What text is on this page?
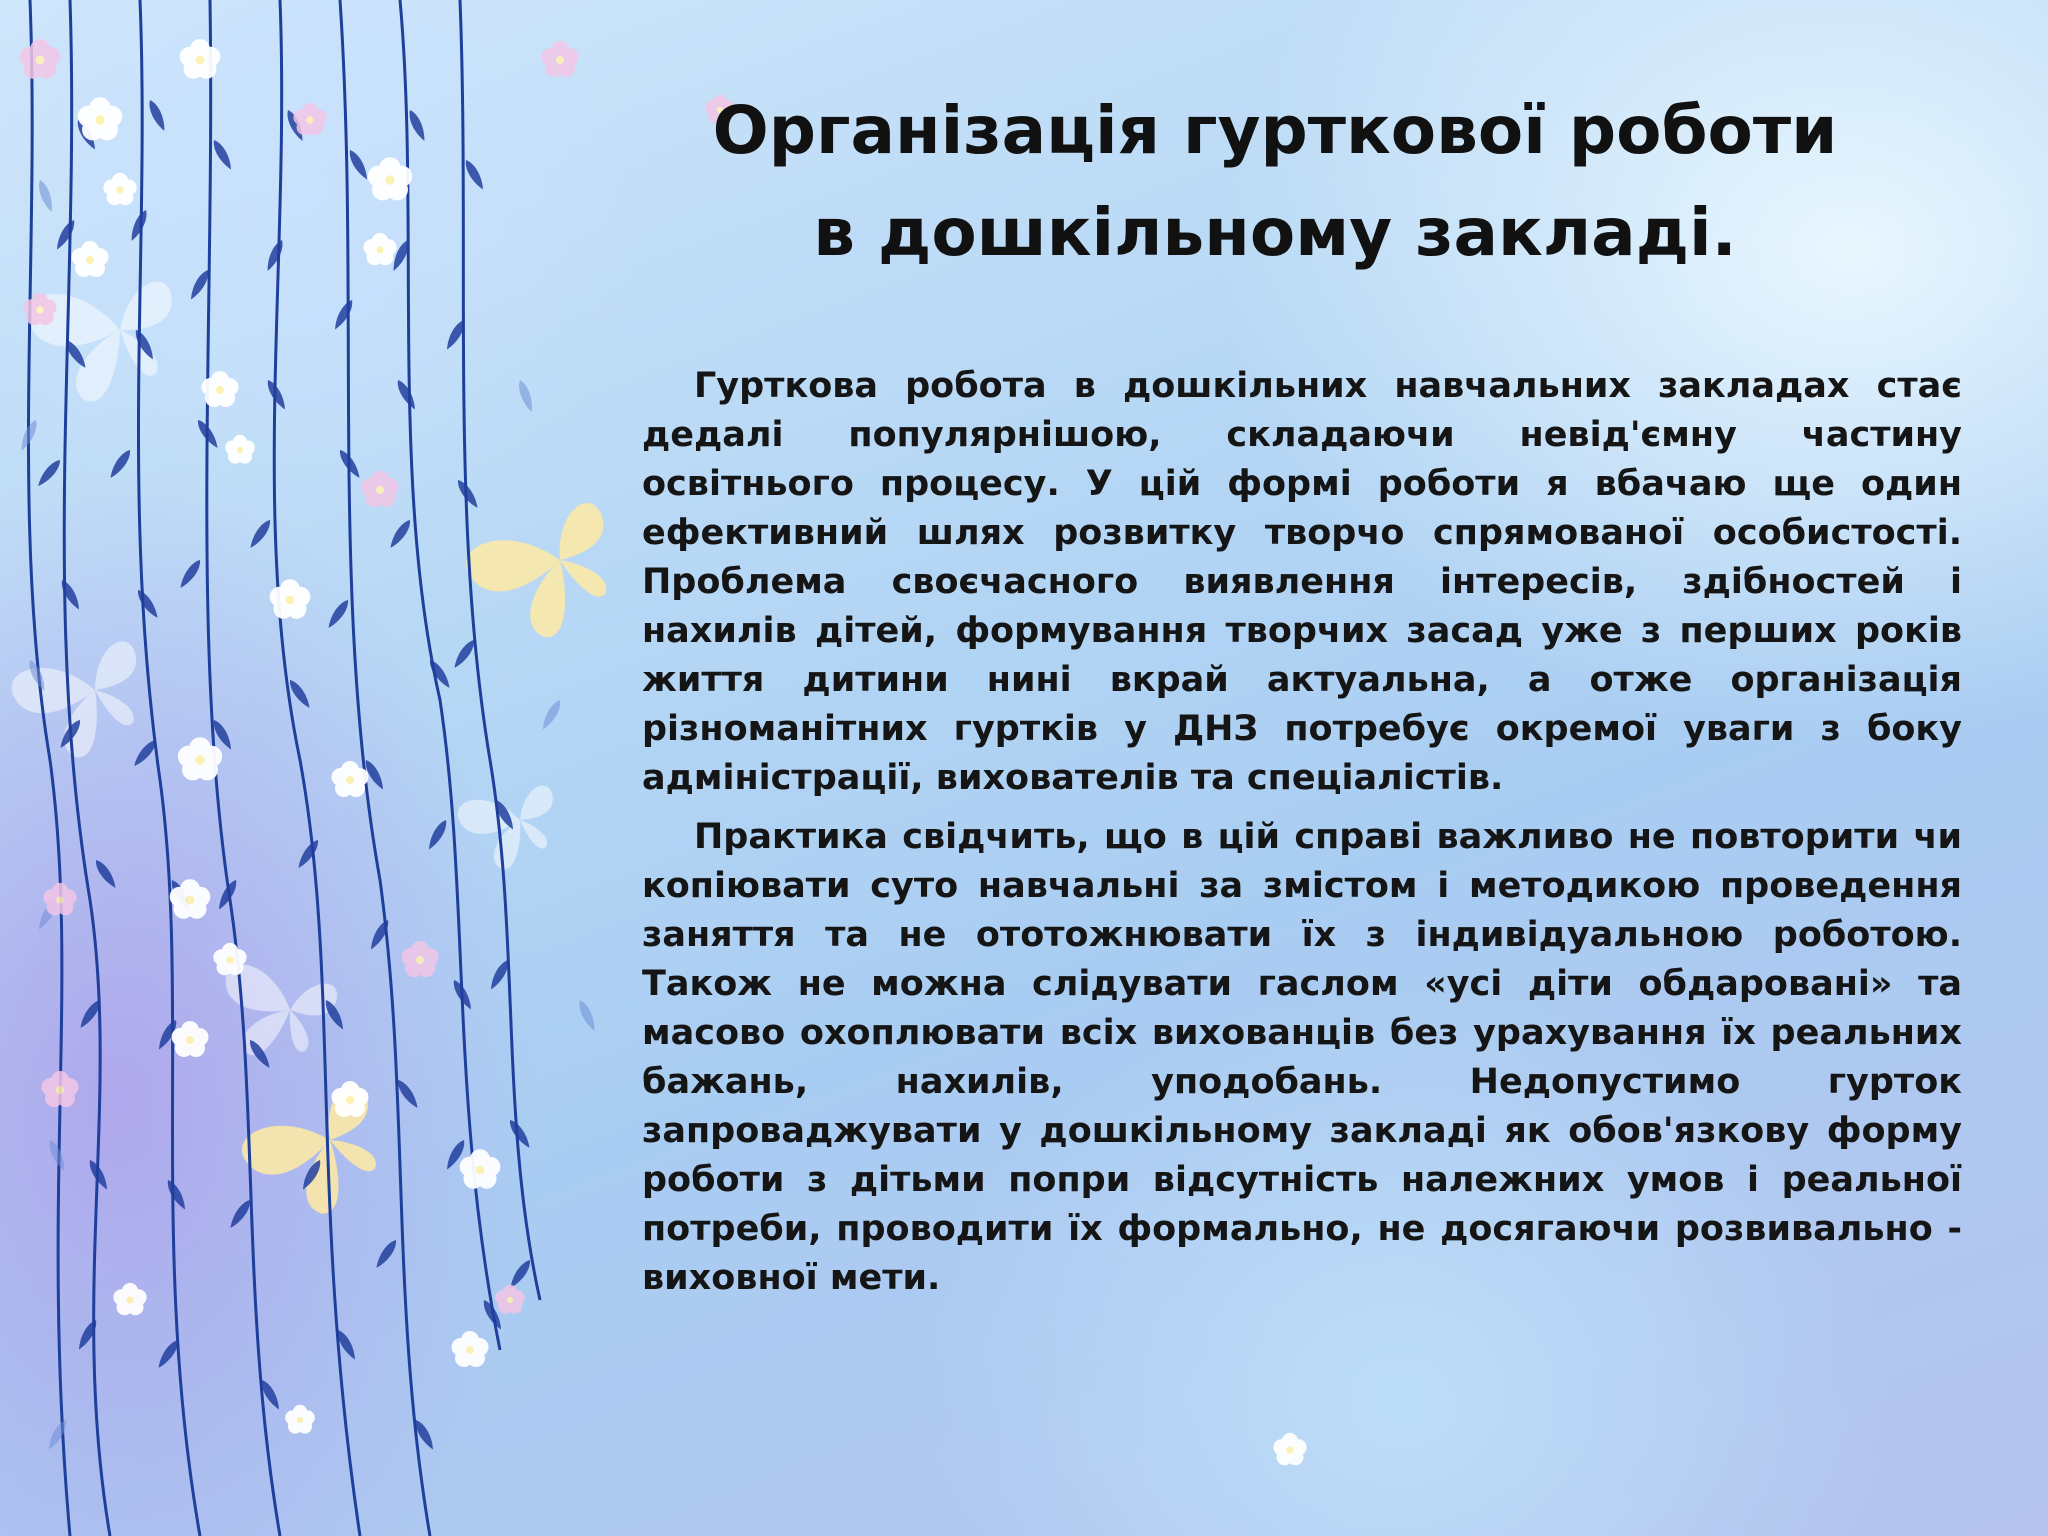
Організація гурткової роботи
в дошкільному закладі.

Гурткова робота в дошкільних навчальних закладах стає дедалі популярнішою, складаючи невід'ємну частину освітнього процесу. У цій формі роботи я вбачаю ще один ефективний шлях розвитку творчо спрямованої особистості. Проблема своєчасного виявлення інтересів, здібностей і нахилів дітей, формування творчих засад уже з перших років життя дитини нині вкрай актуальна, а отже організація різноманітних гуртків у ДНЗ потребує окремої уваги з боку адміністрації, вихователів та спеціалістів.

Практика свідчить, що в цій справі важливо не повторити чи копіювати суто навчальні за змістом і методикою проведення заняття та не ототожнювати їх з індивідуальною роботою. Також не можна слідувати гаслом «усі діти обдаровані» та масово охоплювати всіх вихованців без урахування їх реальних бажань, нахилів, уподобань. Недопустимо гурток запроваджувати у дошкільному закладі як обов'язкову форму роботи з дітьми попри відсутність належних умов і реальної потреби, проводити їх формально, не досягаючи розвивально - виховної мети.
